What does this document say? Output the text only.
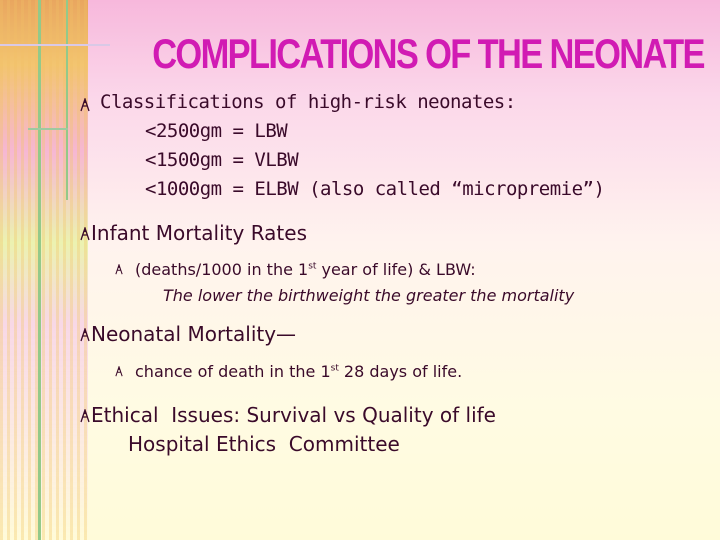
COMPLICATIONS OF THE NEONATE
Classifications of high-risk neonates:
<2500gm = LBW
<1500gm = VLBW
<1000gm = ELBW (also called “micropremie”)
Infant Mortality Rates
(deaths/1000 in the 1st year of life) & LBW:
The lower the birthweight the greater the mortality
Neonatal Mortality—
chance of death in the 1st 28 days of life.
Ethical  Issues: Survival vs Quality of life
Hospital Ethics  Committee
